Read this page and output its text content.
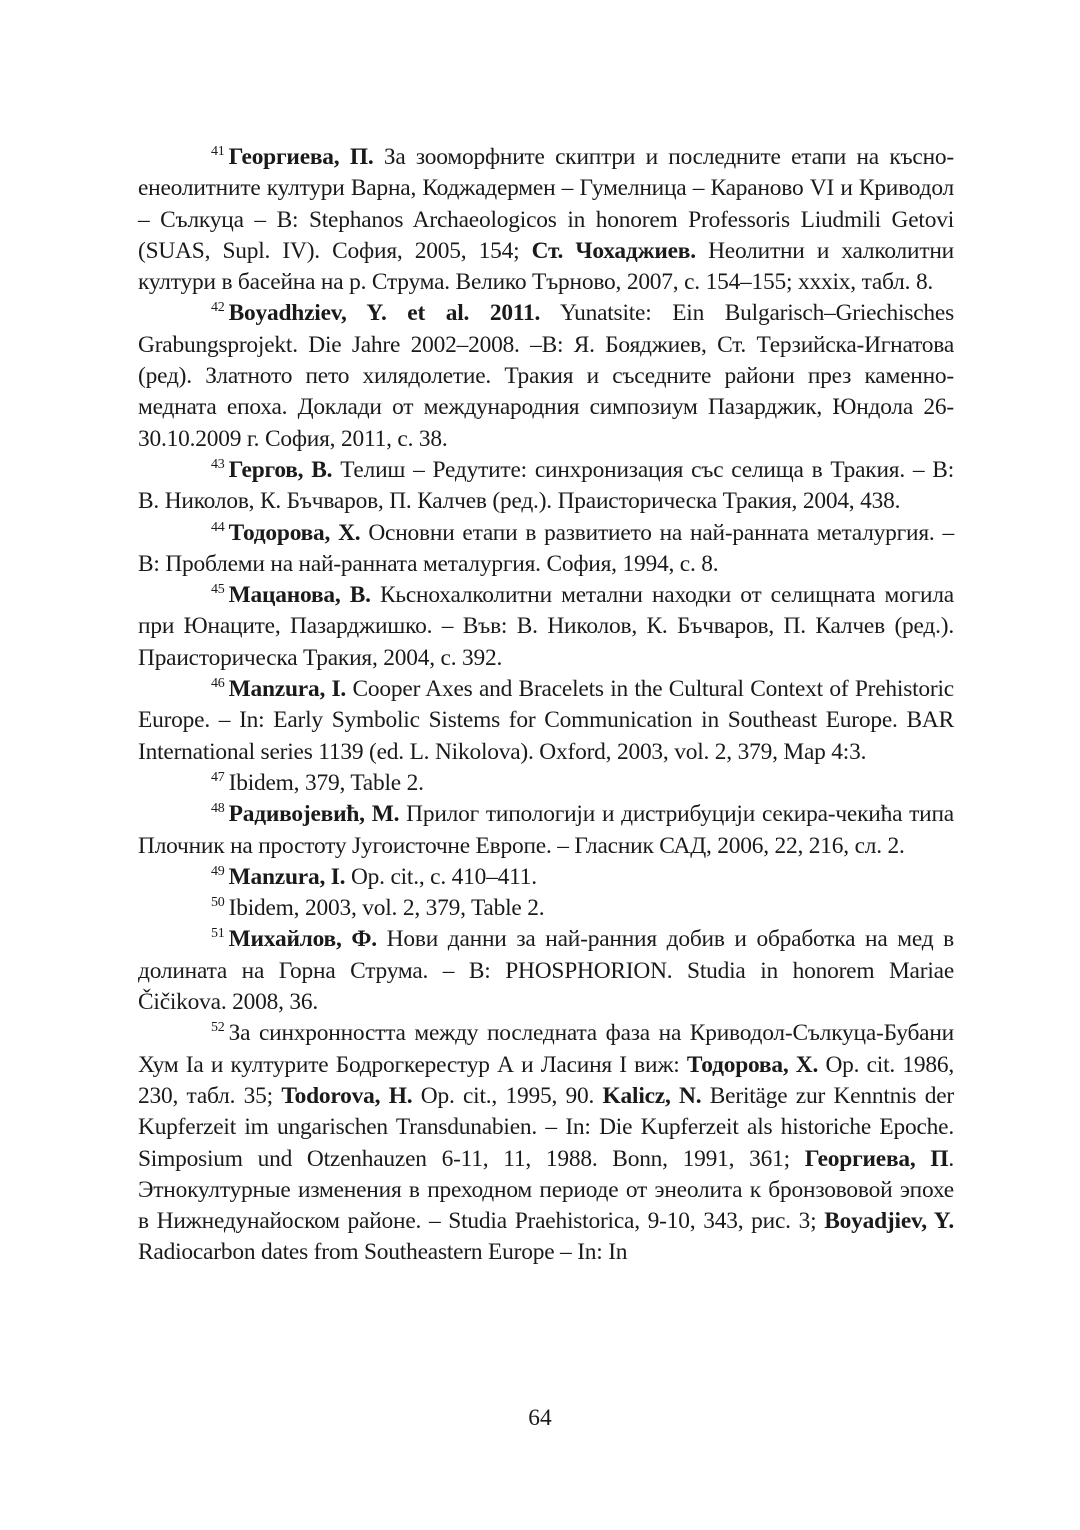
$^{41}$ Георгиева, П. За зооморфните скиптри и последните етапи на късно-енеолитните култури Варна, Коджадермен – Гумелница – Караново VI и Криводол – Сълкуца – В: Stephanos Archaeologicos in honorem Professoris Liudmili Getovi (SUAS, Supl. IV). София, 2005, 154; Ст. Чохаджиев. Неолитни и халколитни култури в басейна на р. Струма. Велико Търново, 2007, с. 154–155; xxxix, табл. 8.

$^{42}$ Boyadhziev, Y. et al. 2011. Yunatsite: Ein Bulgarisch–Griechisches Grabungsprojekt. Die Jahre 2002–2008. –В: Я. Бояджиев, Ст. Терзийска-Игнатова (ред). Златното пето хилядолетие. Тракия и съседните райони през каменно-медната епоха. Доклади от международния симпозиум Пазарджик, Юндола 26-30.10.2009 г. София, 2011, с. 38.

$^{43}$ Гергов, В. Телиш – Редутите: синхронизация със селища в Тракия. – В: В. Николов, К. Бъчваров, П. Калчев (ред.). Праисторическа Тракия, 2004, 438.

$^{44}$ Тодорова, Х. Основни етапи в развитието на най-ранната металургия. – В: Проблеми на най-ранната металургия. София, 1994, с. 8.

$^{45}$ Мацанова, В. Кьснохалколитни метални находки от селищната могила при Юнаците, Пазарджишко. – Във: В. Николов, К. Бъчваров, П. Калчев (ред.). Праисторическа Тракия, 2004, с. 392.

$^{46}$ Manzura, I. Cooper Axes and Bracelets in the Cultural Context of Prehistoric Europe. – In: Early Symbolic Sistems for Communication in Southeast Europe. BAR International series 1139 (ed. L. Nikolova). Oxford, 2003, vol. 2, 379, Map 4:3.

$^{47}$ Ibidem, 379, Table 2.

$^{48}$ Радивојевић, М. Прилог типологији и дистрибуцији секира-чекића типа Плочник на простоту Југоисточне Европе. – Гласник САД, 2006, 22, 216, сл. 2.

$^{49}$ Manzura, I. Op. cit., c. 410–411.

$^{50}$ Ibidem, 2003, vol. 2, 379, Table 2.

$^{51}$ Михайлов, Ф. Нови данни за най-ранния добив и обработка на мед в долината на Горна Струма. – В: PHOSPHORION. Studia in honorem Mariae Čičikova. 2008, 36.

$^{52}$ За синхронността между последната фаза на Криводол-Сълкуца-Бубани Хум Іа и културите Бодрогкерестур А и Ласиня І виж: Тодорова, Х. Op. cit. 1986, 230, табл. 35; Todorova, H. Op. cit., 1995, 90. Kalicz, N. Beritäge zur Kenntnis der Kupferzeit im ungarischen Transdunabien. – In: Die Kupferzeit als historiche Epoche. Simposium und Otzenhauzen 6-11, 11, 1988. Bonn, 1991, 361; Георгиева, П. Этнокултурные изменения в преходном периоде от энеолита к бронзововой эпохе в Нижнедунайоском районе. – Studia Praehistorica, 9-10, 343, рис. 3; Boyadjiev, Y. Radiocarbon dates from Southeastern Europe – In: In

64
